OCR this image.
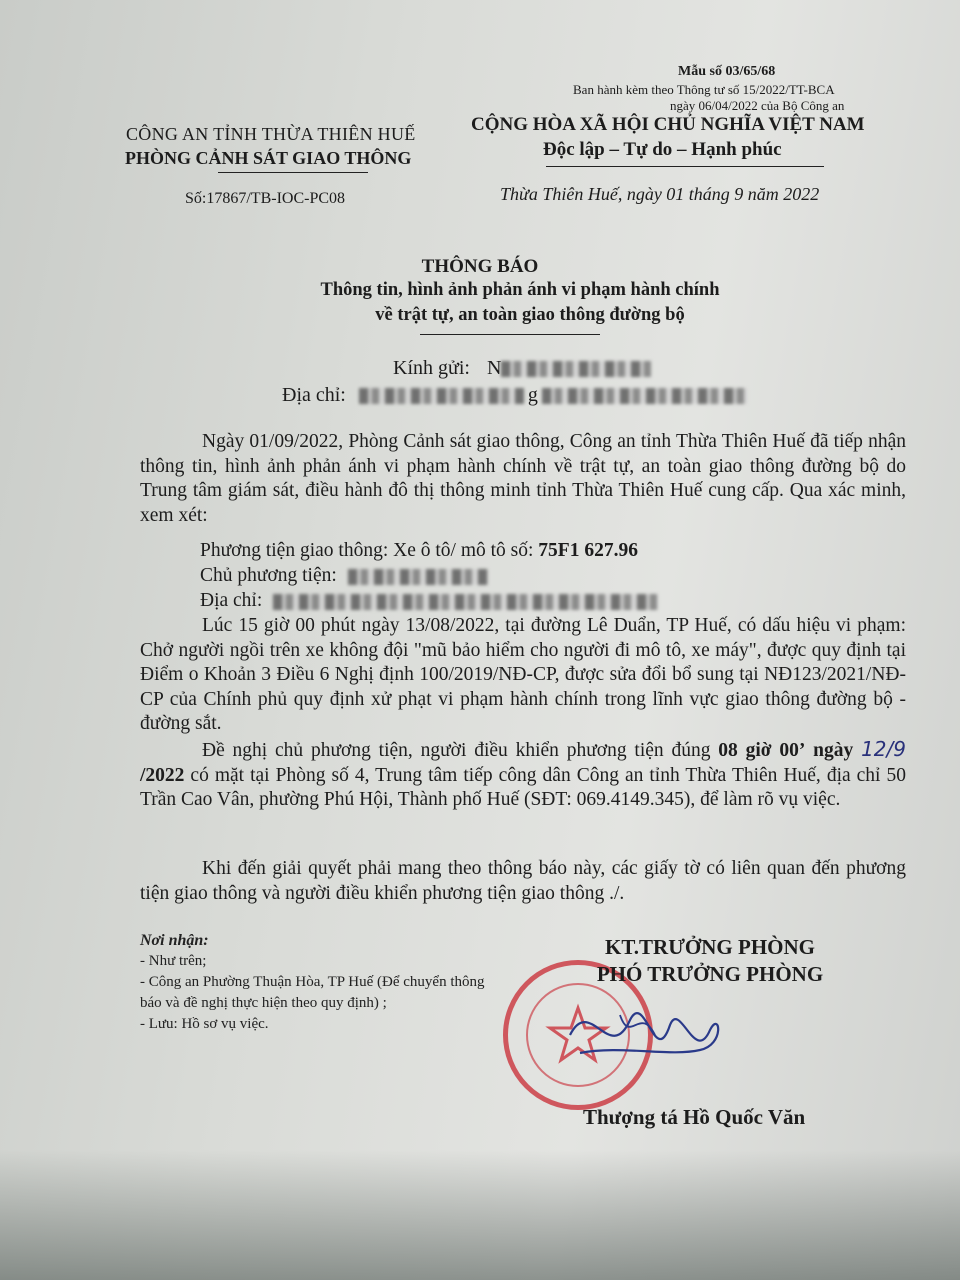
Mẫu số 03/65/68
Ban hành kèm theo Thông tư số 15/2022/TT-BCA
ngày 06/04/2022 của Bộ Công an
CÔNG AN TỈNH THỪA THIÊN HUẾ
PHÒNG CẢNH SÁT GIAO THÔNG
Số:17867/TB-IOC-PC08
CỘNG HÒA XÃ HỘI CHỦ NGHĨA VIỆT NAM
Độc lập – Tự do – Hạnh phúc
Thừa Thiên Huế, ngày 01 tháng 9 năm 2022
THÔNG BÁO
Thông tin, hình ảnh phản ánh vi phạm hành chính
về trật tự, an toàn giao thông đường bộ
Kính gửi: N
Địa chỉ:	g

Ngày 01/09/2022, Phòng Cảnh sát giao thông, Công an tỉnh Thừa Thiên Huế đã tiếp nhận thông tin, hình ảnh phản ánh vi phạm hành chính về trật tự, an toàn giao thông đường bộ do Trung tâm giám sát, điều hành đô thị thông minh tỉnh Thừa Thiên Huế cung cấp. Qua xác minh, xem xét:

Phương tiện giao thông: Xe ô tô/ mô tô số: 75F1 627.96
Chủ phương tiện:
Địa chỉ:

Lúc 15 giờ 00 phút ngày 13/08/2022, tại đường Lê Duẩn, TP Huế, có dấu hiệu vi phạm: Chở người ngồi trên xe không đội "mũ bảo hiểm cho người đi mô tô, xe máy", được quy định tại Điểm o Khoản 3 Điều 6 Nghị định 100/2019/NĐ-CP, được sửa đổi bổ sung tại NĐ123/2021/NĐ-CP của Chính phủ quy định xử phạt vi phạm hành chính trong lĩnh vực giao thông đường bộ - đường sắt.

Đề nghị chủ phương tiện, người điều khiển phương tiện đúng 08 giờ 00’ ngày 12/9 /2022 có mặt tại Phòng số 4, Trung tâm tiếp công dân Công an tỉnh Thừa Thiên Huế, địa chỉ 50 Trần Cao Vân, phường Phú Hội, Thành phố Huế (SĐT: 069.4149.345), để làm rõ vụ việc.

Khi đến giải quyết phải mang theo thông báo này, các giấy tờ có liên quan đến phương tiện giao thông và người điều khiển phương tiện giao thông ./.

Nơi nhận:

- Như trên;

- Công an Phường Thuận Hòa, TP Huế (Để chuyển thông báo và đề nghị thực hiện theo quy định) ;

- Lưu: Hồ sơ vụ việc.

KT.TRƯỞNG PHÒNG
PHÓ TRƯỞNG PHÒNG
Thượng tá Hồ Quốc Văn
